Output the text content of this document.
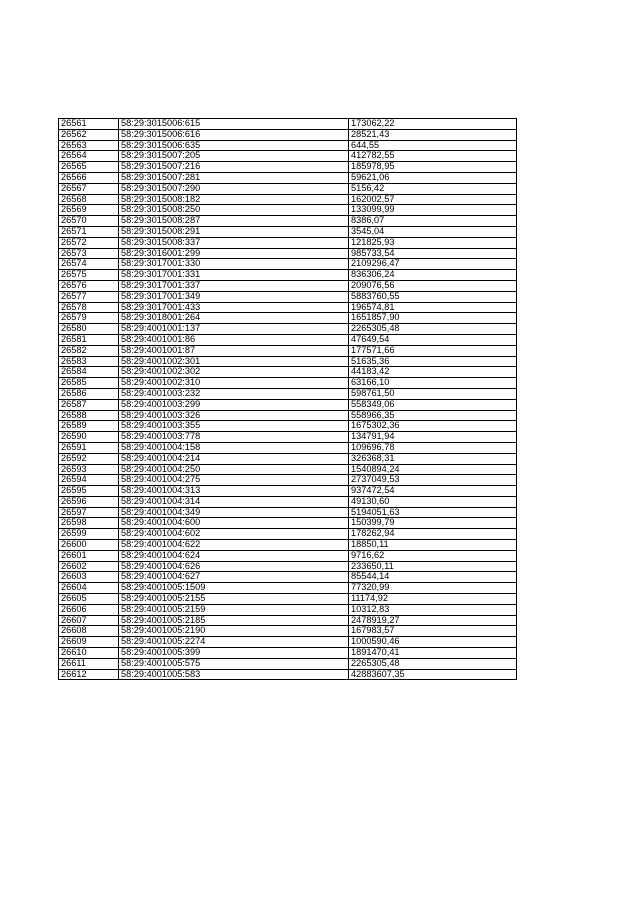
26561	58:29:3015006:615	173062,22
26562	58:29:3015006:616	28521,43
26563	58:29:3015006:635	644,55
26564	58:29:3015007:205	412782,55
26565	58:29:3015007:216	185978,95
26566	58:29:3015007:281	59621,06
26567	58:29:3015007:290	5156,42
26568	58:29:3015008:182	162002,57
26569	58:29:3015008:250	133099,99
26570	58:29:3015008:287	8386,07
26571	58:29:3015008:291	3545,04
26572	58:29:3015008:337	121825,93
26573	58:29:3016001:299	985733,54
26574	58:29:3017001:330	2109296,47
26575	58:29:3017001:331	836306,24
26576	58:29:3017001:337	209076,56
26577	58:29:3017001:349	5883760,55
26578	58:29:3017001:433	196574,81
26579	58:29:3018001:264	1651857,90
26580	58:29:4001001:137	2265305,48
26581	58:29:4001001:86	47649,54
26582	58:29:4001001:87	177571,66
26583	58:29:4001002:301	51635,36
26584	58:29:4001002:302	44183,42
26585	58:29:4001002:310	63166,10
26586	58:29:4001003:232	598761,50
26587	58:29:4001003:299	558349,06
26588	58:29:4001003:326	558966,35
26589	58:29:4001003:355	1675302,36
26590	58:29:4001003:778	134791,94
26591	58:29:4001004:158	109696,78
26592	58:29:4001004:214	326368,31
26593	58:29:4001004:250	1540894,24
26594	58:29:4001004:275	2737049,53
26595	58:29:4001004:313	937472,54
26596	58:29:4001004:314	49130,60
26597	58:29:4001004:349	5194051,63
26598	58:29:4001004:600	150399,79
26599	58:29:4001004:602	178262,94
26600	58:29:4001004:622	18850,11
26601	58:29:4001004:624	9716,62
26602	58:29:4001004:626	233650,11
26603	58:29:4001004:627	85544,14
26604	58:29:4001005:1509	77320,99
26605	58:29:4001005:2155	11174,92
26606	58:29:4001005:2159	10312,83
26607	58:29:4001005:2185	2478919,27
26608	58:29:4001005:2190	167983,57
26609	58:29:4001005:2274	1000590,46
26610	58:29:4001005:399	1891470,41
26611	58:29:4001005:575	2265305,48
26612	58:29:4001005:583	42883607,35
